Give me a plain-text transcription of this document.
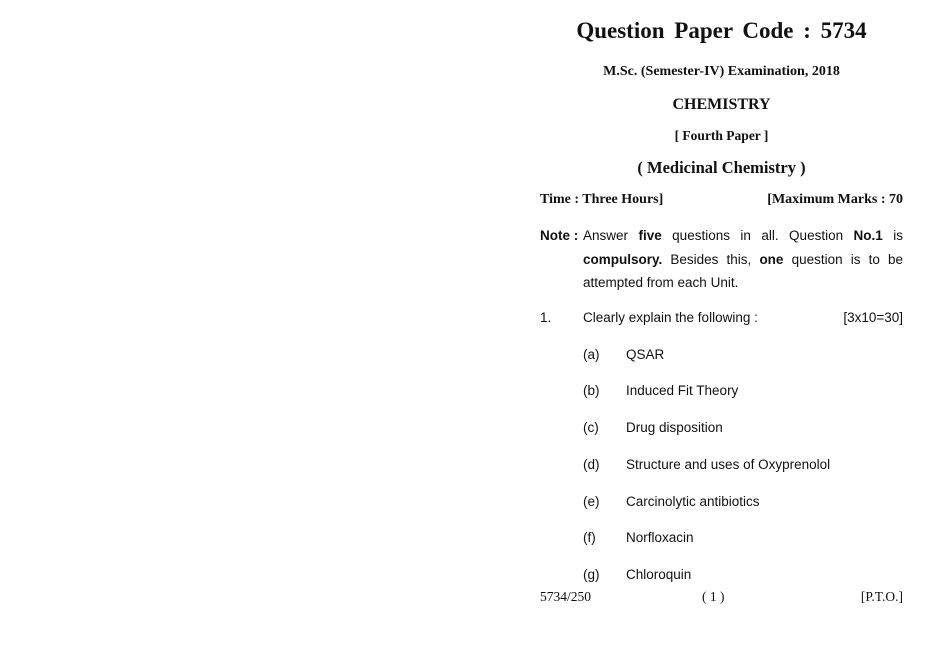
Question Paper Code : 5734
M.Sc. (Semester-IV) Examination, 2018
CHEMISTRY
[ Fourth Paper ]
( Medicinal Chemistry )
Time : Three Hours]	[Maximum Marks : 70
Note : Answer five questions in all. Question No.1 is compulsory. Besides this, one question is to be attempted from each Unit.
1. Clearly explain the following :	[3x10=30]
(a) QSAR
(b) Induced Fit Theory
(c) Drug disposition
(d) Structure and uses of Oxyprenolol
(e) Carcinolytic antibiotics
(f) Norfloxacin
(g) Chloroquin
5734/250	( 1 )	[P.T.O.]
